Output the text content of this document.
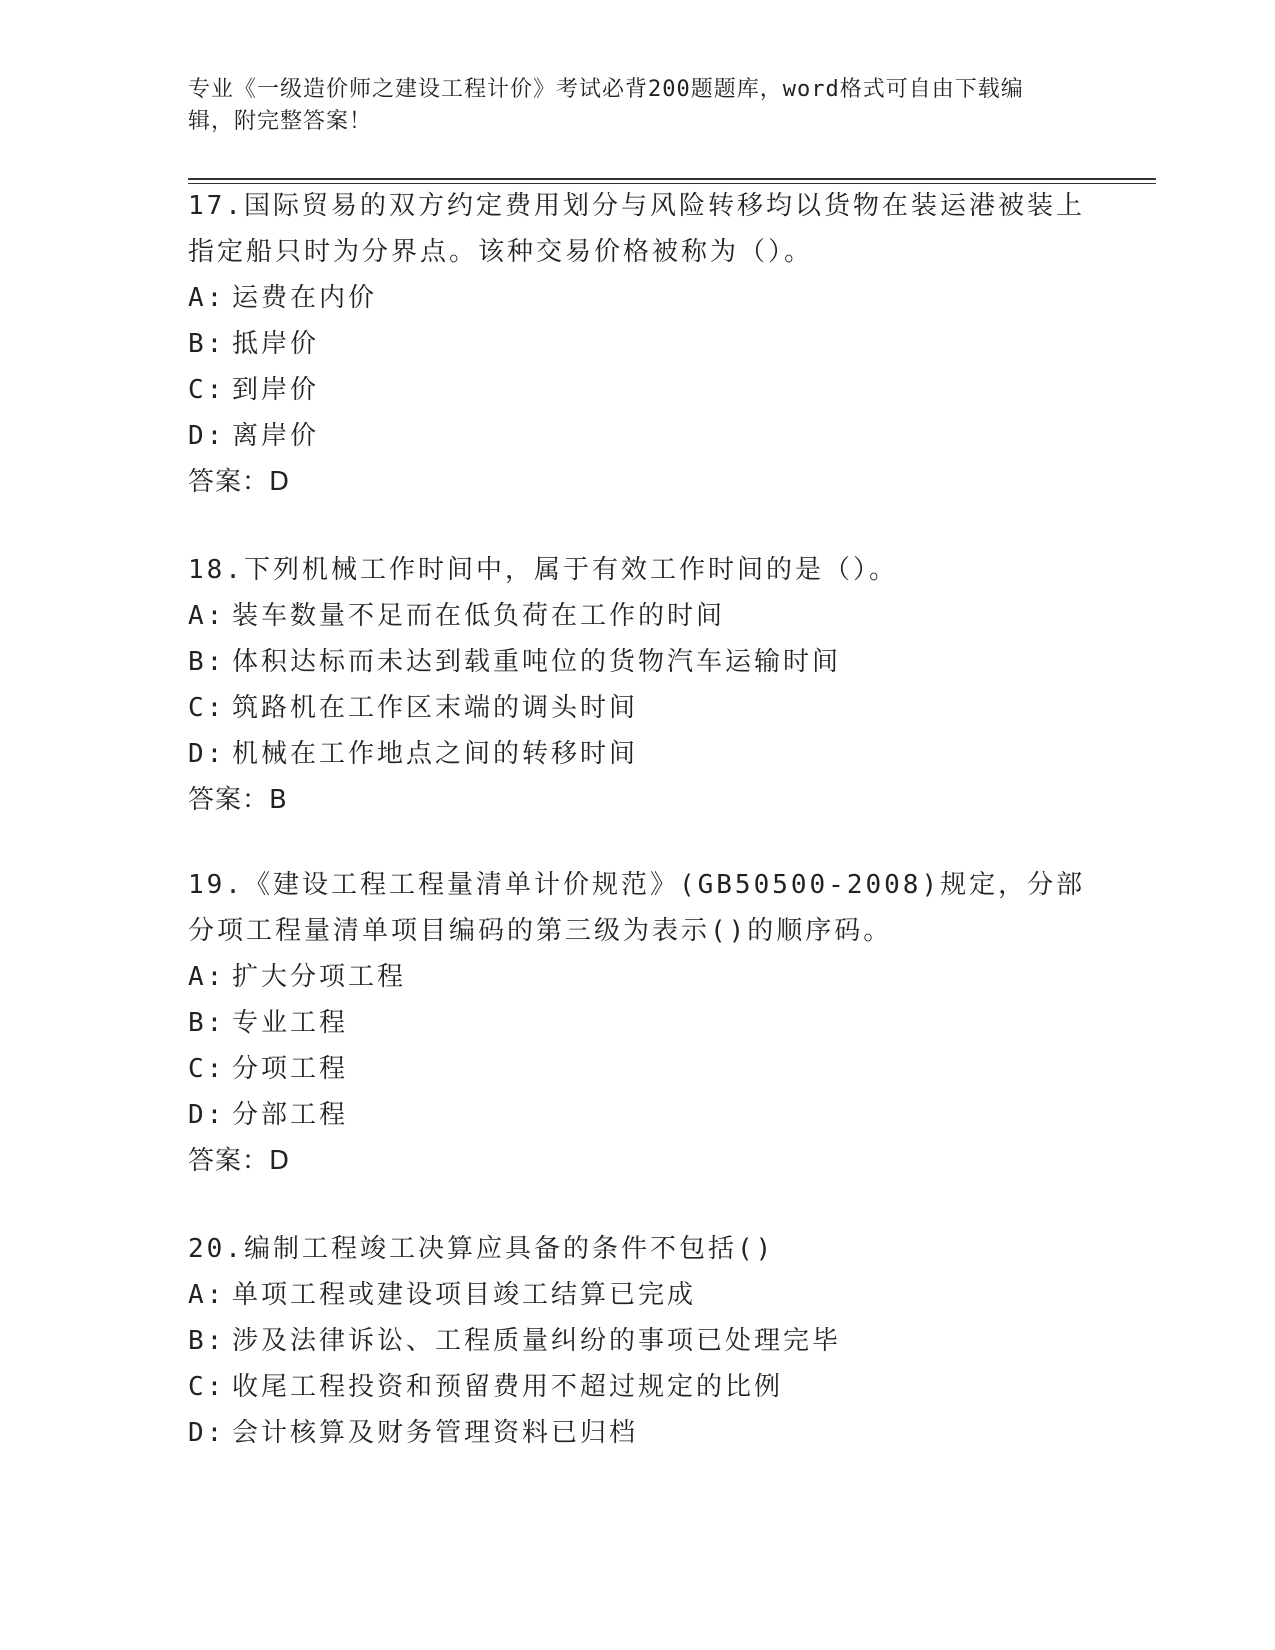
专业《一级造价师之建设工程计价》考试必背200题题库，word格式可自由下载编辑，附完整答案！

17.国际贸易的双方约定费用划分与风险转移均以货物在装运港被装上指定船只时为分界点。该种交易价格被称为（）。

A: 运费在内价

B: 抵岸价

C: 到岸价

D: 离岸价

答案：D

18.下列机械工作时间中，属于有效工作时间的是（）。

A: 装车数量不足而在低负荷在工作的时间

B: 体积达标而未达到载重吨位的货物汽车运输时间

C: 筑路机在工作区末端的调头时间

D: 机械在工作地点之间的转移时间

答案：B

19.《建设工程工程量清单计价规范》(GB50500-2008)规定，分部分项工程量清单项目编码的第三级为表示()的顺序码。

A: 扩大分项工程

B: 专业工程

C: 分项工程

D: 分部工程

答案：D

20.编制工程竣工决算应具备的条件不包括()

A: 单项工程或建设项目竣工结算已完成

B: 涉及法律诉讼、工程质量纠纷的事项已处理完毕

C: 收尾工程投资和预留费用不超过规定的比例

D: 会计核算及财务管理资料已归档
